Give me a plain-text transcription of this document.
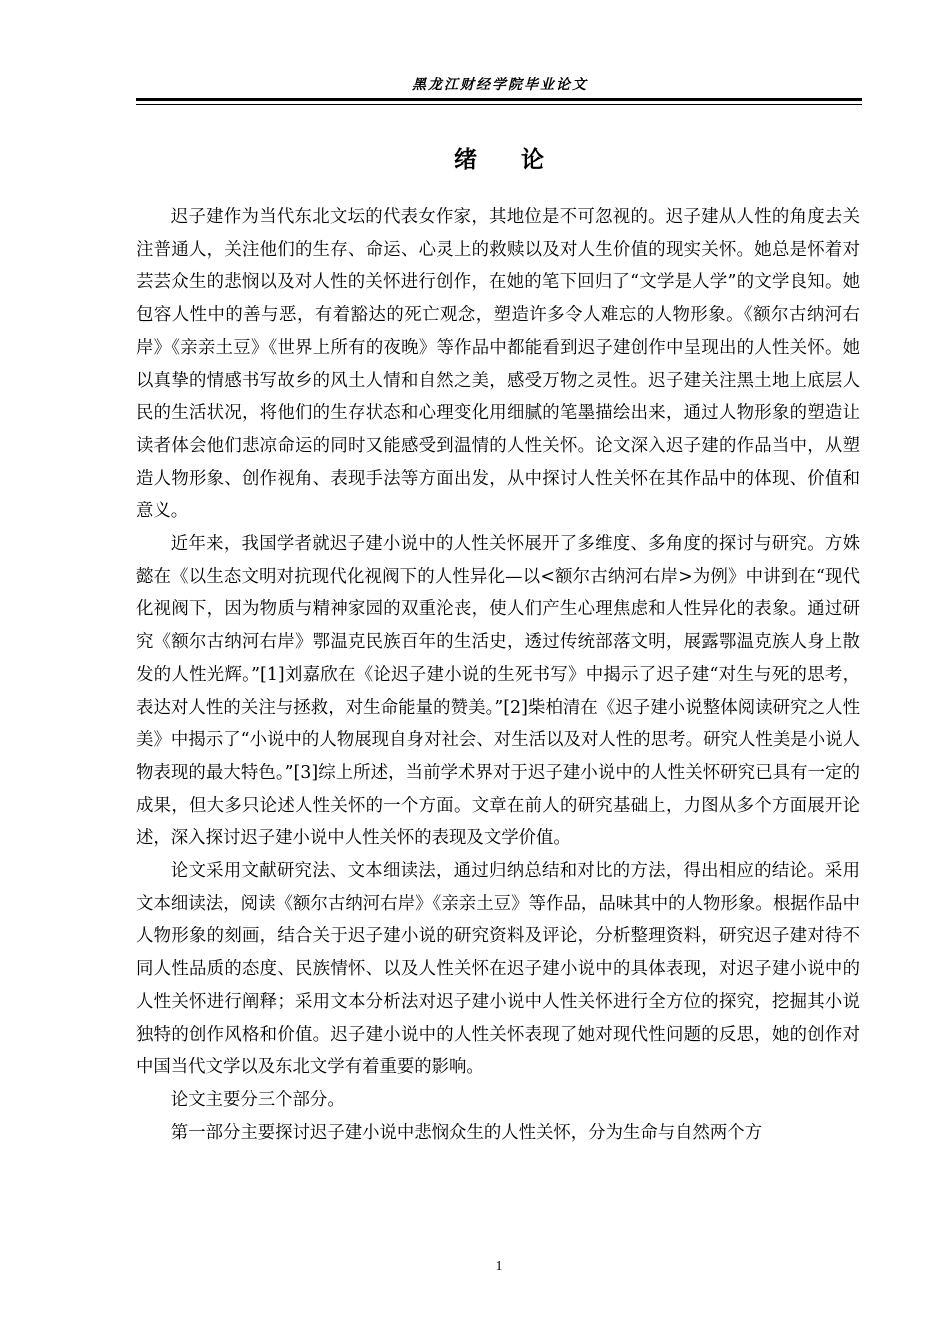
黑龙江财经学院毕业论文
绪 论

迟子建作为当代东北文坛的代表女作家，其地位是不可忽视的。迟子建从人性的角度去关注普通人，关注他们的生存、命运、心灵上的救赎以及对人生价值的现实关怀。她总是怀着对芸芸众生的悲悯以及对人性的关怀进行创作，在她的笔下回归了“文学是人学”的文学良知。她包容人性中的善与恶，有着豁达的死亡观念，塑造许多令人难忘的人物形象。《额尔古纳河右岸》《亲亲土豆》《世界上所有的夜晚》等作品中都能看到迟子建创作中呈现出的人性关怀。她以真挚的情感书写故乡的风土人情和自然之美，感受万物之灵性。迟子建关注黑土地上底层人民的生活状况，将他们的生存状态和心理变化用细腻的笔墨描绘出来，通过人物形象的塑造让读者体会他们悲凉命运的同时又能感受到温情的人性关怀。论文深入迟子建的作品当中，从塑造人物形象、创作视角、表现手法等方面出发，从中探讨人性关怀在其作品中的体现、价值和意义。

近年来，我国学者就迟子建小说中的人性关怀展开了多维度、多角度的探讨与研究。方姝懿在《以生态文明对抗现代化视阀下的人性异化—以<额尔古纳河右岸>为例》中讲到在“现代化视阀下，因为物质与精神家园的双重沦丧，使人们产生心理焦虑和人性异化的表象。通过研究《额尔古纳河右岸》鄂温克民族百年的生活史，透过传统部落文明，展露鄂温克族人身上散发的人性光辉。”[1]刘嘉欣在《论迟子建小说的生死书写》中揭示了迟子建“对生与死的思考，表达对人性的关注与拯救，对生命能量的赞美。”[2]柴柏清在《迟子建小说整体阅读研究之人性美》中揭示了“小说中的人物展现自身对社会、对生活以及对人性的思考。研究人性美是小说人物表现的最大特色。”[3]综上所述，当前学术界对于迟子建小说中的人性关怀研究已具有一定的成果，但大多只论述人性关怀的一个方面。文章在前人的研究基础上，力图从多个方面展开论述，深入探讨迟子建小说中人性关怀的表现及文学价值。

论文采用文献研究法、文本细读法，通过归纳总结和对比的方法，得出相应的结论。采用文本细读法，阅读《额尔古纳河右岸》《亲亲土豆》等作品，品味其中的人物形象。根据作品中人物形象的刻画，结合关于迟子建小说的研究资料及评论，分析整理资料，研究迟子建对待不同人性品质的态度、民族情怀、以及人性关怀在迟子建小说中的具体表现，对迟子建小说中的人性关怀进行阐释；采用文本分析法对迟子建小说中人性关怀进行全方位的探究，挖掘其小说独特的创作风格和价值。迟子建小说中的人性关怀表现了她对现代性问题的反思，她的创作对中国当代文学以及东北文学有着重要的影响。

论文主要分三个部分。

第一部分主要探讨迟子建小说中悲悯众生的人性关怀，分为生命与自然两个方

1
